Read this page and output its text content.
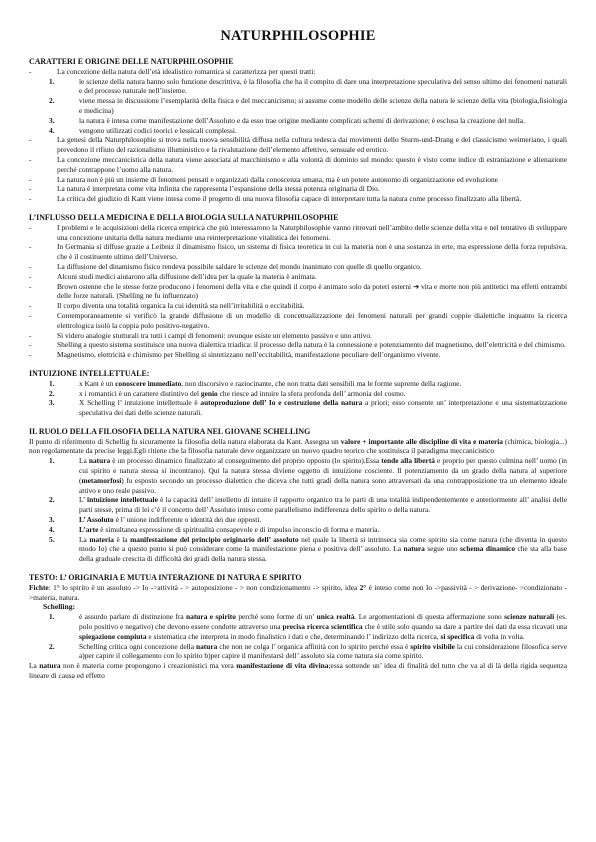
NATURPHILOSOPHIE
CARATTERI E ORIGINE DELLE NATURPHILOSOPHIE
- La concezione della natura dell’età idealistico romantica si caratterizza per questi tratti:
1.	le scienze della natura hanno solo funzione descrittiva, è la filosofia che ha il compito di dare una interpretazione speculativa del senso ultimo dei fenomeni naturali e del processo naturale nell’insieme.
2.	viene messa in discussione l’esemplarità della fisica e del meccanicismo; si assume come modello delle scienze della natura le scienze della vita (biologia,fisiologia e medicina)
3.	la natura è intesa come manifestazione dell’Assoluto e da esso trae origine mediante complicati schemi di derivazione; è esclusa la creazione del nulla.
4.	vengono utilizzati codici teorici e lessicali complessi.
- La genesi della Naturphilosophie si trova nella nuova sensibilità diffusa nella cultura tedesca dai movimenti dello Sturm-und-Drang e del classicismo weimeriano, i quali prevedono il rifiuto del razionalismo illuministico e la rivalutazione dell’elemento affettivo, sensuale ed erotico.
- La concezione meccanicistica della natura viene associata al macchinismo e alla volontà di dominio sul mondo: questo è visto come indice di estraniazione e alienazione perché contrappone l’uomo alla natura.
- La natura non è più un insieme di fenomeni pensati e organizzati dalla conoscenza umana, ma è un potere autonomo di organizzazione ed evoluzione
- La natura è interpretata come vita infinita che rappresenta l’espansione della stessa potenza originaria di Dio.
- La critica del giudizio di Kant viene intesa come il progetto di una nuova filosofia capace di interpretare tutta la natura come processo finalizzato alla libertà.
L’INFLUSSO DELLA MEDICINA E DELLA BIOLOGIA SULLA NATURPHILOSOPHIE
- I problemi e le acquisizioni della ricerca empirica che più interessarono la Naturphilosophie vanno ritrovati nell’ambito delle scienze della vita e nel tentativo di sviluppare una concezione unitaria della natura mediante una reinterpretazione vitalistica dei fenomeni.
- In Germania si diffuse grazie a Leibniz il dinamismo fisico, un sistema di fisica teoretica in cui la materia non è una sostanza in erte, ma espressione della forza repulsiva, che è il costituente ultimo dell’Universo.
- La diffusione del dinamismo fisico rendeva possibile saldare le scienze del mondo inanimato con quelle di quello organico.
- Alcuni studi medici aiutarono alla diffusione dell’idea per la quale la materia è animata.
- Brown ostenne che le stesse forze producono i fenomeni della vita e che quindi il corpo è animato solo da poteri esterni ➔ vita e morte non più antitetici ma effetti entrambi delle forze naturali. (Shelling ne fu influenzato)
- Il corpo diventa una totalità organica la cui identità sta nell’irritabilità o eccitabilità.
- Contemporaneamente si verificò la grande diffusione di un modello di concettualizzazione dei fenomeni naturali per grandi coppie dialettiche inquanto la ricerca elettrologica isolò la coppia polo positivo-negativo.
- Si videro analogie stutturali tra tutti i campi di fenomeni: ovunque esiste un elemento passivo e uno attivo.
- Shelling a questo sistema sostituisce una nuova dialettica triadica: il processo della natura è la connessione e potenziamento del magnetismo, dell’elettricità e del chimismo.
- Magnetismo, elettricità e chimismo per Shelling si sintetizzano nell’eccitabilità, manifestazione peculiare dell’organismo vivente.
INTUIZIONE INTELLETTUALE:
1.	x Kant è un conoscere immediato, non discorsivo e raziocinante, che non tratta dati sensibili ma le forme supreme della ragione.
2.	x i romantici è un carattere distintivo del genio che riesce ad intuire la sfera profonda dell’ armonia del cosmo.
3.	X Schelling l’ intuizione intellettuale è autoproduzione dell’ Io e costruzione della natura a priori; esso consente un’ interpretazione e una sistematizzazione speculativa dei dati delle scienze naturali.
IL RUOLO DELLA FILOSOFIA DELLA NATURA NEL GIOVANE SCHELLING

Il punto di riferimento di Schellig fu sicuramente la filosofia della natura elaborata da Kant. Assegna un valore + importante alle discipline di vita e materia (chimica, biologia...) non regolamentate da precise leggi.Egli ritiene che la filosofia naturale deve organizzare un nuovo quadro teorico che sostituisca il paradigma meccanicistico

1.	La natura è un processo dinamico finalizzato al conseguimento del proprio opposto (lo spirito).Essa tende alla libertà e proprio per questo culmina nell’ uomo (in cui spirito e natura stessa si incontrano). Qui la natura stessa diviene oggetto di intuizione cosciente. Il potenziamento da un grado della natura al superiore (metamorfosi) fu esposto secondo un processo dialettico che diceva che tutti gradi della natura sono attraversati da una contrapposizione tra un elemento ideale attivo e uno reale passivo.
2.	L’ intuizione intellettuale è la capacità dell’ intelletto di intuire il rapporto organico tra le parti di una totalità indipendentemente e anteriormente all’ analisi delle parti stesse, prima di lei c’è il concetto dell’ Assoluto inteso come parallelismo indifferenza dello spirito o della natura.
3.	L’ Assoluto è l’ unione indifferente o identità dei due opposti.
4.	L’arte è simultanea espressione di spiritualità consapevole e di impulso inconscio di forma e materia.
5.	La materia è la manifestazione del principio originario dell’ assoluto nel quale la libertà si intrinseca sia come spirito sia come natura (che diventa in questo modo Io) che a questo punto si può considerare come la manifestazione piena e positiva dell’ assoluto. La natura segue uno schema dinamico che sta alla base della graduale crescita di difficoltà dei gradi della natura stessa.
TESTO: L’ ORIGINARIA E MUTUA INTERAZIONE DI NATURA E SPIRITO

Fichte: 1° lo spirito è un assoluto -> Io ->attività - > autoposizione - > non condizionamento -> spirito, idea 2° è inteso come non Io ->passività - > derivazione- >condizionato ->materia, natura.

Schelling:
1.	è assurdo parlare di distinzione fra natura e spirito perché sono forme di un’ unica realtà. Le argomentazioni di questa affermazione sono scienze naturali (es. polo positivo e negativo) che devono essere condotte attraverso una precisa ricerca scientifica che è utile solo quando sa dare a partire dei dati da essa ricavati una spiegazione compiuta e sistematica che interpreta in modo finalistico i dati e che, determinando l’ indirizzo della ricerca, si specifica di volta in volta.
2.	Schelling critica ogni concezione della natura che non ne colga l’ organica affinità con lo spirito perché essa è spirito visibile la cui considerazione filosofica serve a)per capire il collegamento con lo spirito b)per capire il manifestarsi dell’ assoluto sia come natura sia come spirito.

La natura non è materia come propongono i creazionistici ma vera manifestazione di vita divina;essa sottende un’ idea di finalità del tutto che va al di là della rigida sequenza lineare di causa ed effetto
